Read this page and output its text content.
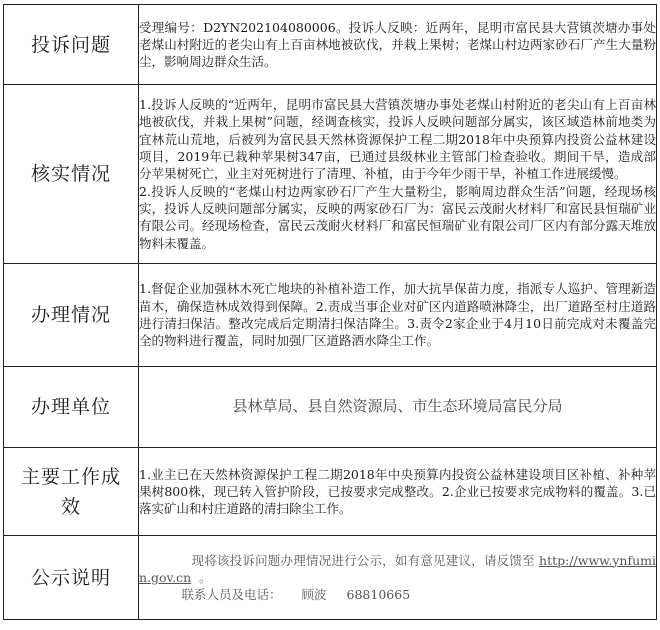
投诉问题	受理编号：D2YN202104080006。投诉人反映：近两年，昆明市富民县大营镇茨塘办事处老煤山村附近的老尖山有上百亩林地被砍伐，并栽上果树；老煤山村边两家砂石厂产生大量粉尘，影响周边群众生活。

核实情况	1.投诉人反映的“近两年，昆明市富民县大营镇茨塘办事处老煤山村附近的老尖山有上百亩林地被砍伐，并栽上果树”问题，经调查核实，投诉人反映问题部分属实，该区域造林前地类为宜林荒山荒地，后被列为富民县天然林资源保护工程二期2018年中央预算内投资公益林建设项目，2019年已栽种苹果树347亩，已通过县级林业主管部门检查验收。期间干旱，造成部分苹果树死亡，业主对死树进行了清理、补植，由于今年少雨干旱，补植工作进展缓慢。

2.投诉人反映的“老煤山村边两家砂石厂产生大量粉尘，影响周边群众生活”问题，经现场核实，投诉人反映问题部分属实，反映的两家砂石厂为：富民云茂耐火材料厂和富民县恒瑞矿业有限公司。经现场检查，富民云茂耐火材料厂和富民恒瑞矿业有限公司厂区内有部分露天堆放物料未覆盖。

办理情况	1.督促企业加强林木死亡地块的补植补造工作，加大抗旱保苗力度，指派专人巡护、管理新造苗木，确保造林成效得到保障。2.责成当事企业对矿区内道路喷淋降尘，出厂道路至村庄道路进行清扫保洁。整改完成后定期清扫保洁降尘。3.责令2家企业于4月10日前完成对未覆盖完全的物料进行覆盖，同时加强厂区道路洒水降尘工作。

办理单位	县林草局、县自然资源局、市生态环境局富民分局
主要工作成效	1.业主已在天然林资源保护工程二期2018年中央预算内投资公益林建设项目区补植、补种苹果树800株，现已转入管护阶段，已按要求完成整改。2.企业已按要求完成物料的覆盖。3.已落实矿山和村庄道路的清扫除尘工作。

公示说明	现将该投诉问题办理情况进行公示，如有意见建议，请反馈至 http://www.ynfumin.gov.cn 。
联系人员及电话： 顾波 68810665
